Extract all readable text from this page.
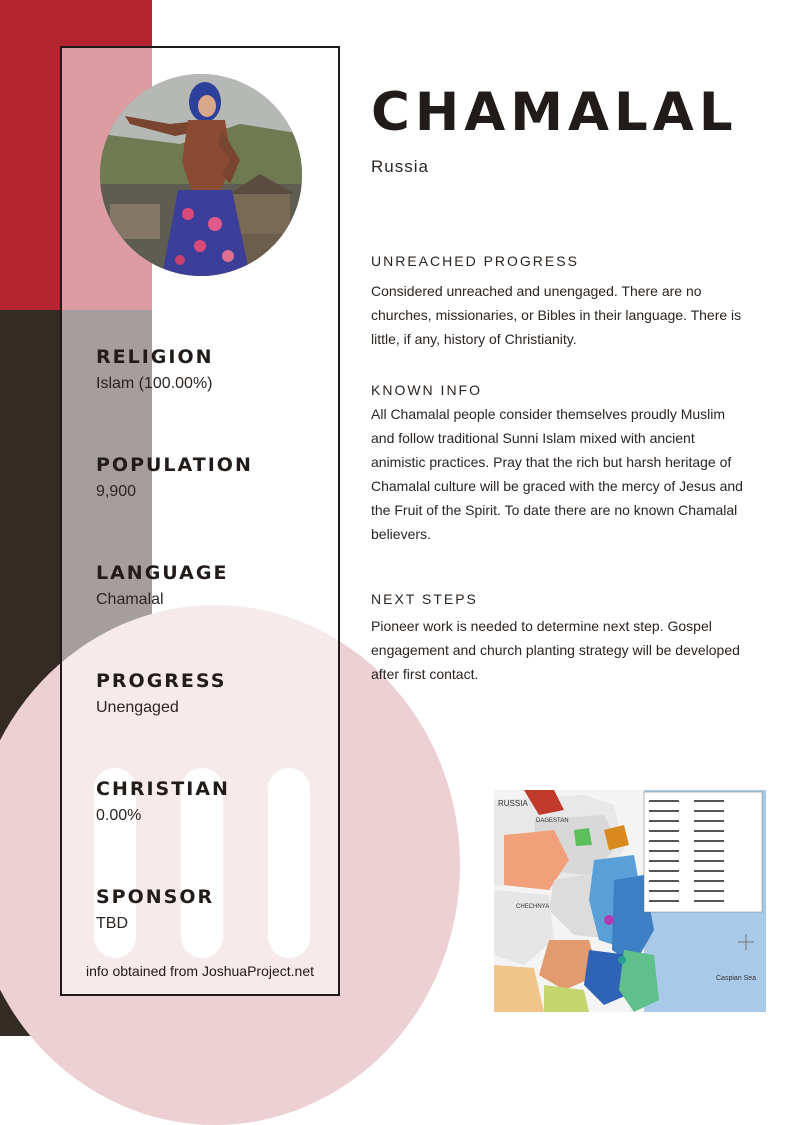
RELIGION

Islam (100.00%)

POPULATION

9,900

LANGUAGE

Chamalal

PROGRESS

Unengaged

CHRISTIAN

0.00%

SPONSOR

TBD

info obtained from JoshuaProject.net

CHAMALAL

Russia

UNREACHED PROGRESS

Considered unreached and unengaged. There are no churches, missionaries, or Bibles in their language. There is little, if any, history of Christianity.

KNOWN INFO

All Chamalal people consider themselves proudly Muslim and follow traditional Sunni Islam mixed with ancient animistic practices. Pray that the rich but harsh heritage of Chamalal culture will be graced with the mercy of Jesus and the Fruit of the Spirit. To date there are no known Chamalal believers.

NEXT STEPS

Pioneer work is needed to determine next step. Gospel engagement and church planting strategy will be developed after first contact.

RUSSIA
DAGESTAN
CHECHNYA
Caspian Sea
